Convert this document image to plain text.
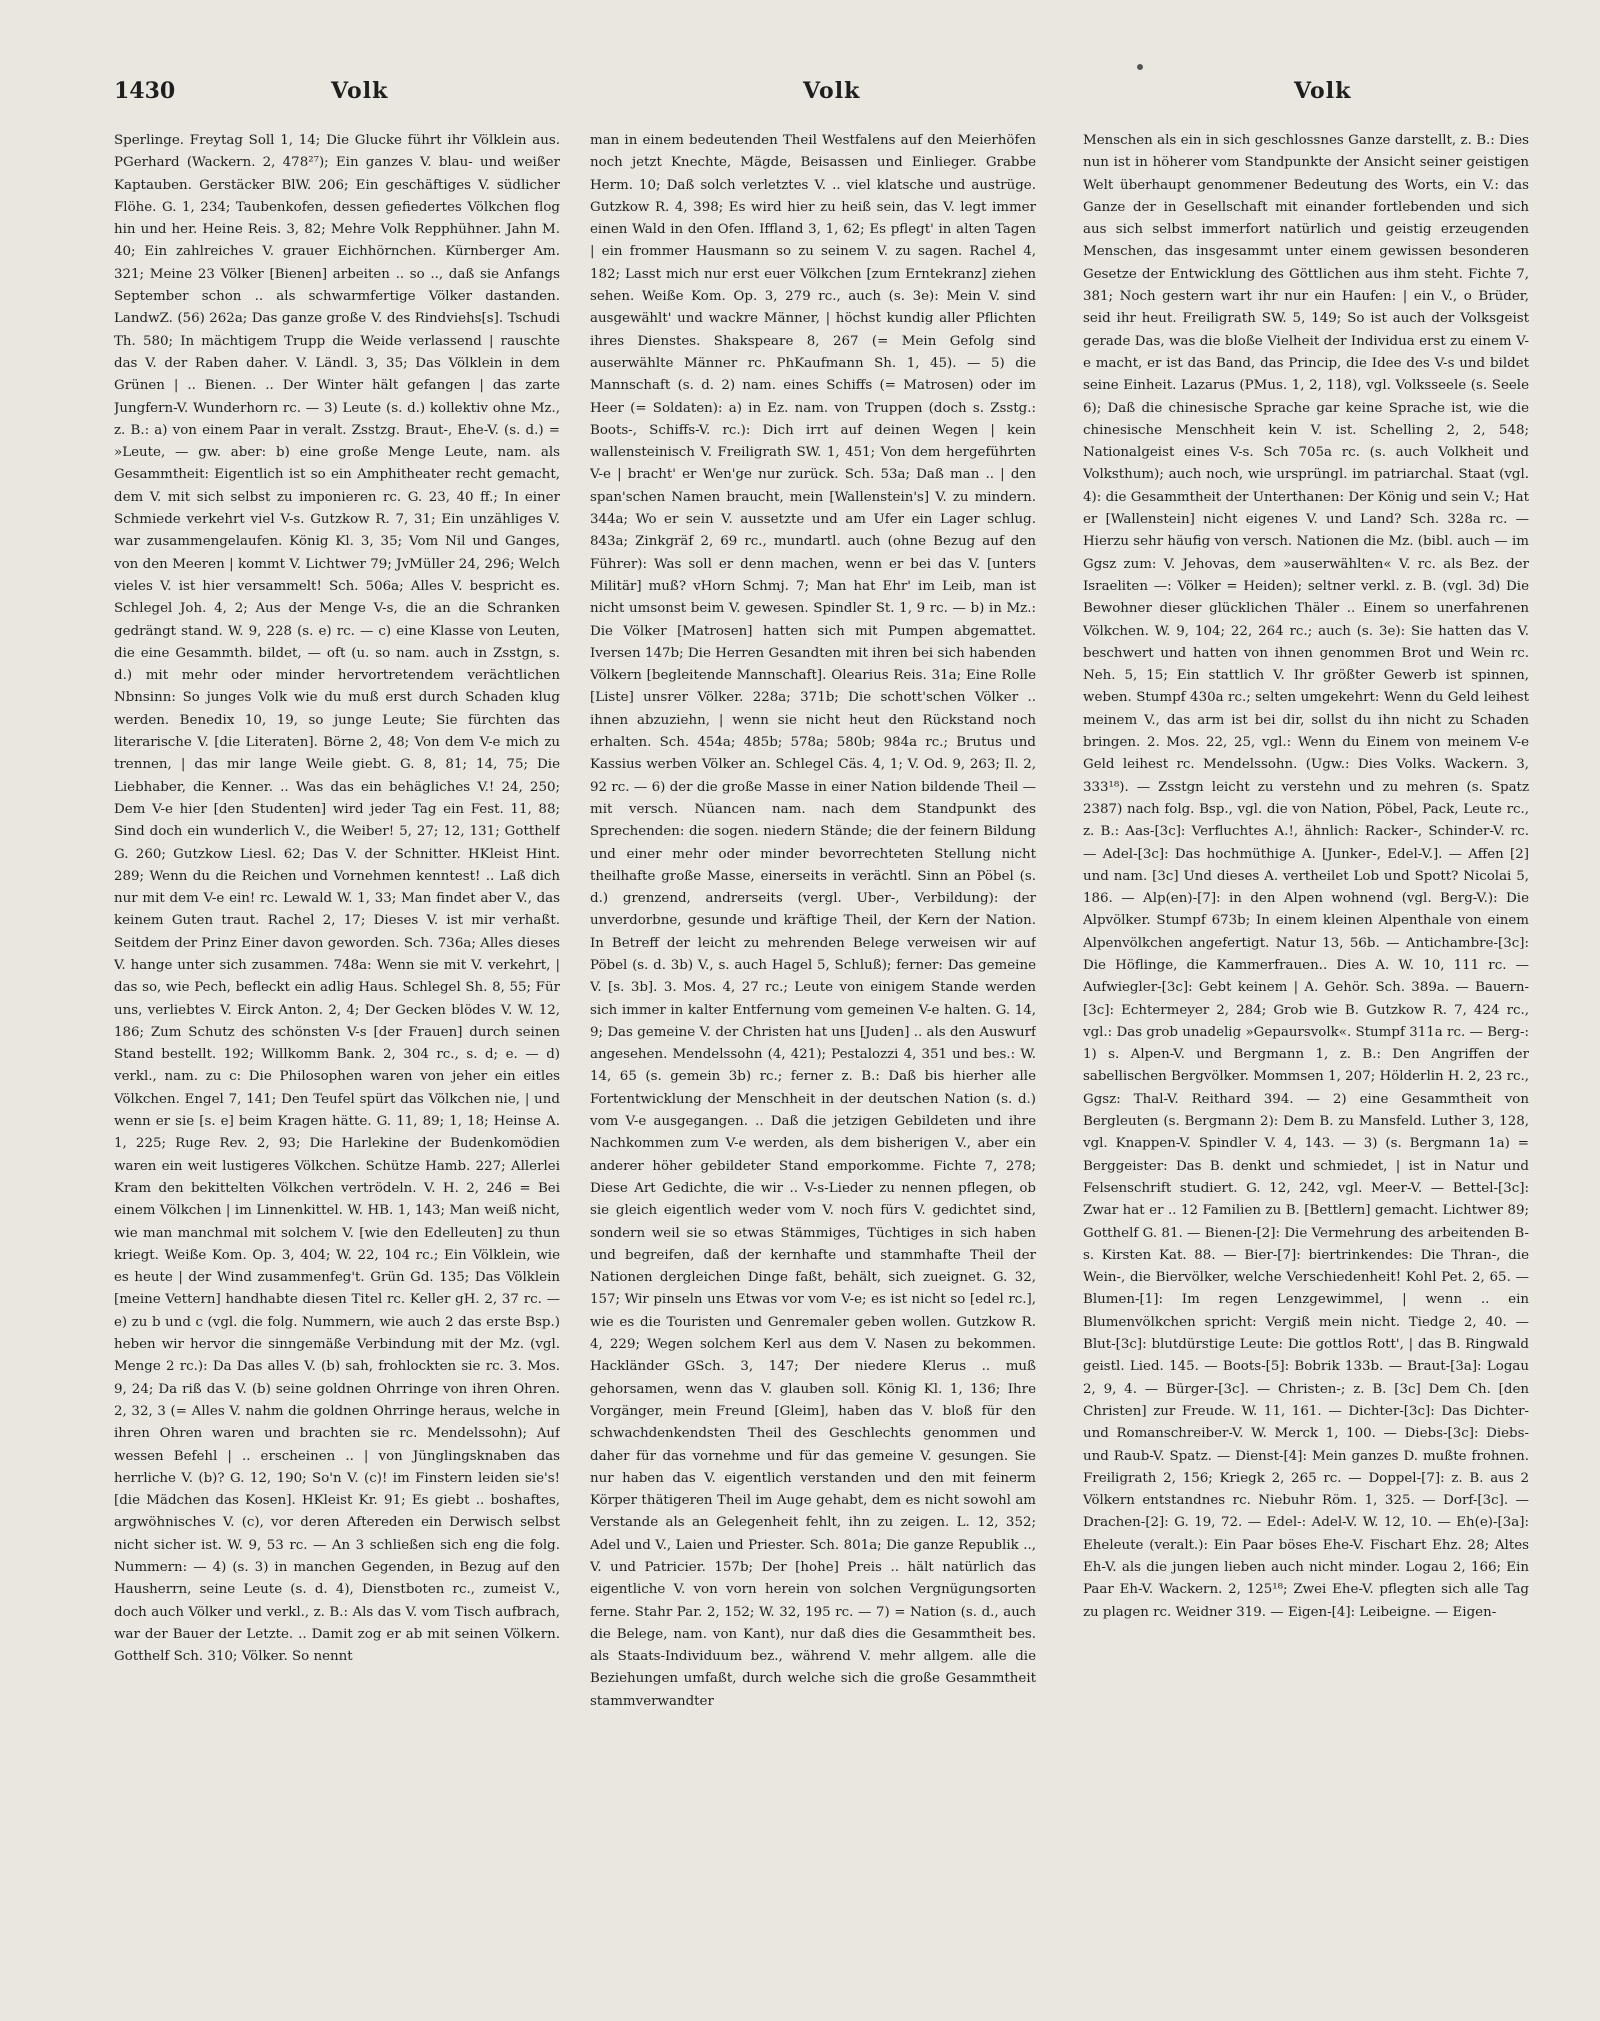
1430	Volk	Volk	Volk

Sperlinge. Freytag Soll 1, 14; Die Glucke führt ihr Völklein aus. PGerhard (Wackern. 2, 478²⁷); Ein ganzes V. blau- und weißer Kaptauben. Gerstäcker BlW. 206; Ein geschäftiges V. südlicher Flöhe. G. 1, 234; Taubenkofen, dessen gefiedertes Völkchen flog hin und her. Heine Reis. 3, 82; Mehre Volk Repphühner. Jahn M. 40; Ein zahlreiches V. grauer Eichhörnchen. Kürnberger Am. 321; Meine 23 Völker [Bienen] arbeiten .. so .., daß sie Anfangs September schon .. als schwarmfertige Völker dastanden. LandwZ. (56) 262a; Das ganze große V. des Rindviehs[s]. Tschudi Th. 580; In mächtigem Trupp die Weide verlassend | rauschte das V. der Raben daher. V. Ländl. 3, 35; Das Völklein in dem Grünen | .. Bienen. .. Der Winter hält gefangen | das zarte Jungfern-V. Wunderhorn rc. — 3) Leute (s. d.) kollektiv ohne Mz., z. B.: a) von einem Paar in veralt. Zsstzg. Braut-, Ehe-V. (s. d.) = »Leute, — gw. aber: b) eine große Menge Leute, nam. als Gesammtheit: Eigentlich ist so ein Amphitheater recht gemacht, dem V. mit sich selbst zu imponieren rc. G. 23, 40 ff.; In einer Schmiede verkehrt viel V-s. Gutzkow R. 7, 31; Ein unzähliges V. war zusammengelaufen. König Kl. 3, 35; Vom Nil und Ganges, von den Meeren | kommt V. Lichtwer 79; JvMüller 24, 296; Welch vieles V. ist hier versammelt! Sch. 506a; Alles V. bespricht es. Schlegel Joh. 4, 2; Aus der Menge V-s, die an die Schranken gedrängt stand. W. 9, 228 (s. e) rc. — c) eine Klasse von Leuten, die eine Gesammth. bildet, — oft (u. so nam. auch in Zsstgn, s. d.) mit mehr oder minder hervortretendem verächtlichen Nbnsinn: So junges Volk wie du muß erst durch Schaden klug werden. Benedix 10, 19, so junge Leute; Sie fürchten das literarische V. [die Literaten]. Börne 2, 48; Von dem V-e mich zu trennen, | das mir lange Weile giebt. G. 8, 81; 14, 75; Die Liebhaber, die Kenner. .. Was das ein behägliches V.! 24, 250; Dem V-e hier [den Studenten] wird jeder Tag ein Fest. 11, 88; Sind doch ein wunderlich V., die Weiber! 5, 27; 12, 131; Gotthelf G. 260; Gutzkow Liesl. 62; Das V. der Schnitter. HKleist Hint. 289; Wenn du die Reichen und Vornehmen kenntest! .. Laß dich nur mit dem V-e ein! rc. Lewald W. 1, 33; Man findet aber V., das keinem Guten traut. Rachel 2, 17; Dieses V. ist mir verhaßt. Seitdem der Prinz Einer davon geworden. Sch. 736a; Alles dieses V. hange unter sich zusammen. 748a: Wenn sie mit V. verkehrt, | das so, wie Pech, befleckt ein adlig Haus. Schlegel Sh. 8, 55; Für uns, verliebtes V. Eirck Anton. 2, 4; Der Gecken blödes V. W. 12, 186; Zum Schutz des schönsten V-s [der Frauen] durch seinen Stand bestellt. 192; Willkomm Bank. 2, 304 rc., s. d; e. — d) verkl., nam. zu c: Die Philosophen waren von jeher ein eitles Völkchen. Engel 7, 141; Den Teufel spürt das Völkchen nie, | und wenn er sie [s. e] beim Kragen hätte. G. 11, 89; 1, 18; Heinse A. 1, 225; Ruge Rev. 2, 93; Die Harlekine der Budenkomödien waren ein weit lustigeres Völkchen. Schütze Hamb. 227; Allerlei Kram den bekittelten Völkchen vertrödeln. V. H. 2, 246 = Bei einem Völkchen | im Linnenkittel. W. HB. 1, 143; Man weiß nicht, wie man manchmal mit solchem V. [wie den Edelleuten] zu thun kriegt. Weiße Kom. Op. 3, 404; W. 22, 104 rc.; Ein Völklein, wie es heute | der Wind zusammenfeg't. Grün Gd. 135; Das Völklein [meine Vettern] handhabte diesen Titel rc. Keller gH. 2, 37 rc. — e) zu b und c (vgl. die folg. Nummern, wie auch 2 das erste Bsp.) heben wir hervor die sinngemäße Verbindung mit der Mz. (vgl. Menge 2 rc.): Da Das alles V. (b) sah, frohlockten sie rc. 3. Mos. 9, 24; Da riß das V. (b) seine goldnen Ohrringe von ihren Ohren. 2, 32, 3 (= Alles V. nahm die goldnen Ohrringe heraus, welche in ihren Ohren waren und brachten sie rc. Mendelssohn); Auf wessen Befehl | .. erscheinen .. | von Jünglingsknaben das herrliche V. (b)? G. 12, 190; So'n V. (c)! im Finstern leiden sie's! [die Mädchen das Kosen]. HKleist Kr. 91; Es giebt .. boshaftes, argwöhnisches V. (c), vor deren Aftereden ein Derwisch selbst nicht sicher ist. W. 9, 53 rc. — An 3 schließen sich eng die folg. Nummern: — 4) (s. 3) in manchen Gegenden, in Bezug auf den Hausherrn, seine Leute (s. d. 4), Dienstboten rc., zumeist V., doch auch Völker und verkl., z. B.: Als das V. vom Tisch aufbrach, war der Bauer der Letzte. .. Damit zog er ab mit seinen Völkern. Gotthelf Sch. 310; Völker. So nennt

man in einem bedeutenden Theil Westfalens auf den Meierhöfen noch jetzt Knechte, Mägde, Beisassen und Einlieger. Grabbe Herm. 10; Daß solch verletztes V. .. viel klatsche und austrüge. Gutzkow R. 4, 398; Es wird hier zu heiß sein, das V. legt immer einen Wald in den Ofen. Iffland 3, 1, 62; Es pflegt' in alten Tagen | ein frommer Hausmann so zu seinem V. zu sagen. Rachel 4, 182; Lasst mich nur erst euer Völkchen [zum Erntekranz] ziehen sehen. Weiße Kom. Op. 3, 279 rc., auch (s. 3e): Mein V. sind ausgewählt' und wackre Männer, | höchst kundig aller Pflichten ihres Dienstes. Shakspeare 8, 267 (= Mein Gefolg sind auserwählte Männer rc. PhKaufmann Sh. 1, 45). — 5) die Mannschaft (s. d. 2) nam. eines Schiffs (= Matrosen) oder im Heer (= Soldaten): a) in Ez. nam. von Truppen (doch s. Zsstg.: Boots-, Schiffs-V. rc.): Dich irrt auf deinen Wegen | kein wallensteinisch V. Freiligrath SW. 1, 451; Von dem hergeführten V-e | bracht' er Wen'ge nur zurück. Sch. 53a; Daß man .. | den span'schen Namen braucht, mein [Wallenstein's] V. zu mindern. 344a; Wo er sein V. aussetzte und am Ufer ein Lager schlug. 843a; Zinkgräf 2, 69 rc., mundartl. auch (ohne Bezug auf den Führer): Was soll er denn machen, wenn er bei das V. [unters Militär] muß? vHorn Schmj. 7; Man hat Ehr' im Leib, man ist nicht umsonst beim V. gewesen. Spindler St. 1, 9 rc. — b) in Mz.: Die Völker [Matrosen] hatten sich mit Pumpen abgemattet. Iversen 147b; Die Herren Gesandten mit ihren bei sich habenden Völkern [begleitende Mannschaft]. Olearius Reis. 31a; Eine Rolle [Liste] unsrer Völker. 228a; 371b; Die schott'schen Völker .. ihnen abzuziehn, | wenn sie nicht heut den Rückstand noch erhalten. Sch. 454a; 485b; 578a; 580b; 984a rc.; Brutus und Kassius werben Völker an. Schlegel Cäs. 4, 1; V. Od. 9, 263; Il. 2, 92 rc. — 6) der die große Masse in einer Nation bildende Theil — mit versch. Nüancen nam. nach dem Standpunkt des Sprechenden: die sogen. niedern Stände; die der feinern Bildung und einer mehr oder minder bevorrechteten Stellung nicht theilhafte große Masse, einerseits in verächtl. Sinn an Pöbel (s. d.) grenzend, andrerseits (vergl. Uber-, Verbildung): der unverdorbne, gesunde und kräftige Theil, der Kern der Nation. In Betreff der leicht zu mehrenden Belege verweisen wir auf Pöbel (s. d. 3b) V., s. auch Hagel 5, Schluß); ferner: Das gemeine V. [s. 3b]. 3. Mos. 4, 27 rc.; Leute von einigem Stande werden sich immer in kalter Entfernung vom gemeinen V-e halten. G. 14, 9; Das gemeine V. der Christen hat uns [Juden] .. als den Auswurf angesehen. Mendelssohn (4, 421); Pestalozzi 4, 351 und bes.: W. 14, 65 (s. gemein 3b) rc.; ferner z. B.: Daß bis hierher alle Fortentwicklung der Menschheit in der deutschen Nation (s. d.) vom V-e ausgegangen. .. Daß die jetzigen Gebildeten und ihre Nachkommen zum V-e werden, als dem bisherigen V., aber ein anderer höher gebildeter Stand emporkomme. Fichte 7, 278; Diese Art Gedichte, die wir .. V-s-Lieder zu nennen pflegen, ob sie gleich eigentlich weder vom V. noch fürs V. gedichtet sind, sondern weil sie so etwas Stämmiges, Tüchtiges in sich haben und begreifen, daß der kernhafte und stammhafte Theil der Nationen dergleichen Dinge faßt, behält, sich zueignet. G. 32, 157; Wir pinseln uns Etwas vor vom V-e; es ist nicht so [edel rc.], wie es die Touristen und Genremaler geben wollen. Gutzkow R. 4, 229; Wegen solchem Kerl aus dem V. Nasen zu bekommen. Hackländer GSch. 3, 147; Der niedere Klerus .. muß gehorsamen, wenn das V. glauben soll. König Kl. 1, 136; Ihre Vorgänger, mein Freund [Gleim], haben das V. bloß für den schwachdenkendsten Theil des Geschlechts genommen und daher für das vornehme und für das gemeine V. gesungen. Sie nur haben das V. eigentlich verstanden und den mit feinerm Körper thätigeren Theil im Auge gehabt, dem es nicht sowohl am Verstande als an Gelegenheit fehlt, ihn zu zeigen. L. 12, 352; Adel und V., Laien und Priester. Sch. 801a; Die ganze Republik .., V. und Patricier. 157b; Der [hohe] Preis .. hält natürlich das eigentliche V. von vorn herein von solchen Vergnügungsorten ferne. Stahr Par. 2, 152; W. 32, 195 rc. — 7) = Nation (s. d., auch die Belege, nam. von Kant), nur daß dies die Gesammtheit bes. als Staats-Individuum bez., während V. mehr allgem. alle die Beziehungen umfaßt, durch welche sich die große Gesammtheit stammverwandter

Menschen als ein in sich geschlossnes Ganze darstellt, z. B.: Dies nun ist in höherer vom Standpunkte der Ansicht seiner geistigen Welt überhaupt genommener Bedeutung des Worts, ein V.: das Ganze der in Gesellschaft mit einander fortlebenden und sich aus sich selbst immerfort natürlich und geistig erzeugenden Menschen, das insgesammt unter einem gewissen besonderen Gesetze der Entwicklung des Göttlichen aus ihm steht. Fichte 7, 381; Noch gestern wart ihr nur ein Haufen: | ein V., o Brüder, seid ihr heut. Freiligrath SW. 5, 149; So ist auch der Volksgeist gerade Das, was die bloße Vielheit der Individua erst zu einem V-e macht, er ist das Band, das Princip, die Idee des V-s und bildet seine Einheit. Lazarus (PMus. 1, 2, 118), vgl. Volksseele (s. Seele 6); Daß die chinesische Sprache gar keine Sprache ist, wie die chinesische Menschheit kein V. ist. Schelling 2, 2, 548; Nationalgeist eines V-s. Sch 705a rc. (s. auch Volkheit und Volksthum); auch noch, wie ursprüngl. im patriarchal. Staat (vgl. 4): die Gesammtheit der Unterthanen: Der König und sein V.; Hat er [Wallenstein] nicht eigenes V. und Land? Sch. 328a rc. — Hierzu sehr häufig von versch. Nationen die Mz. (bibl. auch — im Ggsz zum: V. Jehovas, dem »auserwählten« V. rc. als Bez. der Israeliten —: Völker = Heiden); seltner verkl. z. B. (vgl. 3d) Die Bewohner dieser glücklichen Thäler .. Einem so unerfahrenen Völkchen. W. 9, 104; 22, 264 rc.; auch (s. 3e): Sie hatten das V. beschwert und hatten von ihnen genommen Brot und Wein rc. Neh. 5, 15; Ein stattlich V. Ihr größter Gewerb ist spinnen, weben. Stumpf 430a rc.; selten umgekehrt: Wenn du Geld leihest meinem V., das arm ist bei dir, sollst du ihn nicht zu Schaden bringen. 2. Mos. 22, 25, vgl.: Wenn du Einem von meinem V-e Geld leihest rc. Mendelssohn. (Ugw.: Dies Volks. Wackern. 3, 333¹⁸). — Zsstgn leicht zu verstehn und zu mehren (s. Spatz 2387) nach folg. Bsp., vgl. die von Nation, Pöbel, Pack, Leute rc., z. B.: Aas-[3c]: Verfluchtes A.!, ähnlich: Racker-, Schinder-V. rc. — Adel-[3c]: Das hochmüthige A. [Junker-, Edel-V.]. — Affen [2] und nam. [3c] Und dieses A. vertheilet Lob und Spott? Nicolai 5, 186. — Alp(en)-[7]: in den Alpen wohnend (vgl. Berg-V.): Die Alpvölker. Stumpf 673b; In einem kleinen Alpenthale von einem Alpenvölkchen angefertigt. Natur 13, 56b. — Antichambre-[3c]: Die Höflinge, die Kammerfrauen.. Dies A. W. 10, 111 rc. — Aufwiegler-[3c]: Gebt keinem | A. Gehör. Sch. 389a. — Bauern-[3c]: Echtermeyer 2, 284; Grob wie B. Gutzkow R. 7, 424 rc., vgl.: Das grob unadelig »Gepaursvolk«. Stumpf 311a rc. — Berg-: 1) s. Alpen-V. und Bergmann 1, z. B.: Den Angriffen der sabellischen Bergvölker. Mommsen 1, 207; Hölderlin H. 2, 23 rc., Ggsz: Thal-V. Reithard 394. — 2) eine Gesammtheit von Bergleuten (s. Bergmann 2): Dem B. zu Mansfeld. Luther 3, 128, vgl. Knappen-V. Spindler V. 4, 143. — 3) (s. Bergmann 1a) = Berggeister: Das B. denkt und schmiedet, | ist in Natur und Felsenschrift studiert. G. 12, 242, vgl. Meer-V. — Bettel-[3c]: Zwar hat er .. 12 Familien zu B. [Bettlern] gemacht. Lichtwer 89; Gotthelf G. 81. — Bienen-[2]: Die Vermehrung des arbeitenden B-s. Kirsten Kat. 88. — Bier-[7]: biertrinkendes: Die Thran-, die Wein-, die Biervölker, welche Verschiedenheit! Kohl Pet. 2, 65. — Blumen-[1]: Im regen Lenzgewimmel, | wenn .. ein Blumenvölkchen spricht: Vergiß mein nicht. Tiedge 2, 40. — Blut-[3c]: blutdürstige Leute: Die gottlos Rott', | das B. Ringwald geistl. Lied. 145. — Boots-[5]: Bobrik 133b. — Braut-[3a]: Logau 2, 9, 4. — Bürger-[3c]. — Christen-; z. B. [3c] Dem Ch. [den Christen] zur Freude. W. 11, 161. — Dichter-[3c]: Das Dichter- und Romanschreiber-V. W. Merck 1, 100. — Diebs-[3c]: Diebs- und Raub-V. Spatz. — Dienst-[4]: Mein ganzes D. mußte frohnen. Freiligrath 2, 156; Kriegk 2, 265 rc. — Doppel-[7]: z. B. aus 2 Völkern entstandnes rc. Niebuhr Röm. 1, 325. — Dorf-[3c]. — Drachen-[2]: G. 19, 72. — Edel-: Adel-V. W. 12, 10. — Eh(e)-[3a]: Eheleute (veralt.): Ein Paar böses Ehe-V. Fischart Ehz. 28; Altes Eh-V. als die jungen lieben auch nicht minder. Logau 2, 166; Ein Paar Eh-V. Wackern. 2, 125¹⁸; Zwei Ehe-V. pflegten sich alle Tag zu plagen rc. Weidner 319. — Eigen-[4]: Leibeigne. — Eigen-
